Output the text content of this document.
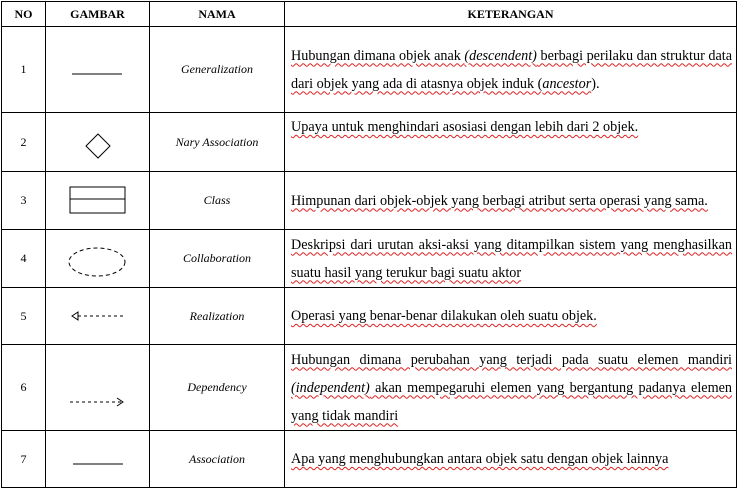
NO	GAMBAR	NAMA	KETERANGAN
1		Generalization	Hubungan dimana objek anak (descendent) berbagi perilaku dan struktur data dari objek yang ada di atasnya objek induk (ancestor).
2		Nary Association	Upaya untuk menghindari asosiasi dengan lebih dari 2 objek.
3		Class	Himpunan dari objek-objek yang berbagi atribut serta operasi yang sama.
4		Collaboration	Deskripsi dari urutan aksi-aksi yang ditampilkan sistem yang menghasilkan suatu hasil yang terukur bagi suatu aktor
5		Realization	Operasi yang benar-benar dilakukan oleh suatu objek.
6		Dependency	Hubungan dimana perubahan yang terjadi pada suatu elemen mandiri (independent) akan mempegaruhi elemen yang bergantung padanya elemen yang tidak mandiri
7		Association	Apa yang menghubungkan antara objek satu dengan objek lainnya
